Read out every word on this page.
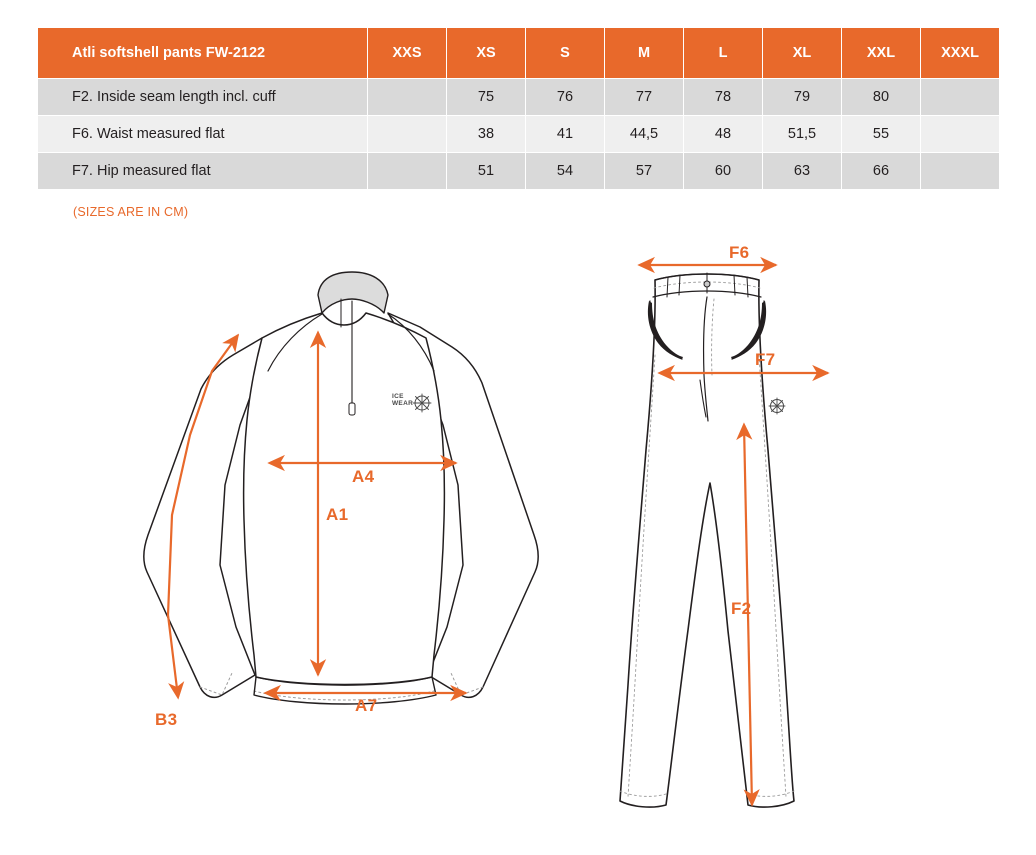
Atli softshell pants FW-2122	XXS	XS	S	M	L	XL	XXL	XXXL
F2. Inside seam length incl. cuff		75	76	77	78	79	80	
F6. Waist measured flat		38	41	44,5	48	51,5	55	
F7. Hip measured flat		51	54	57	60	63	66	
(SIZES ARE IN CM)
B3
A4
A1
A7
F6
F7
F2
ICE
WEAR
